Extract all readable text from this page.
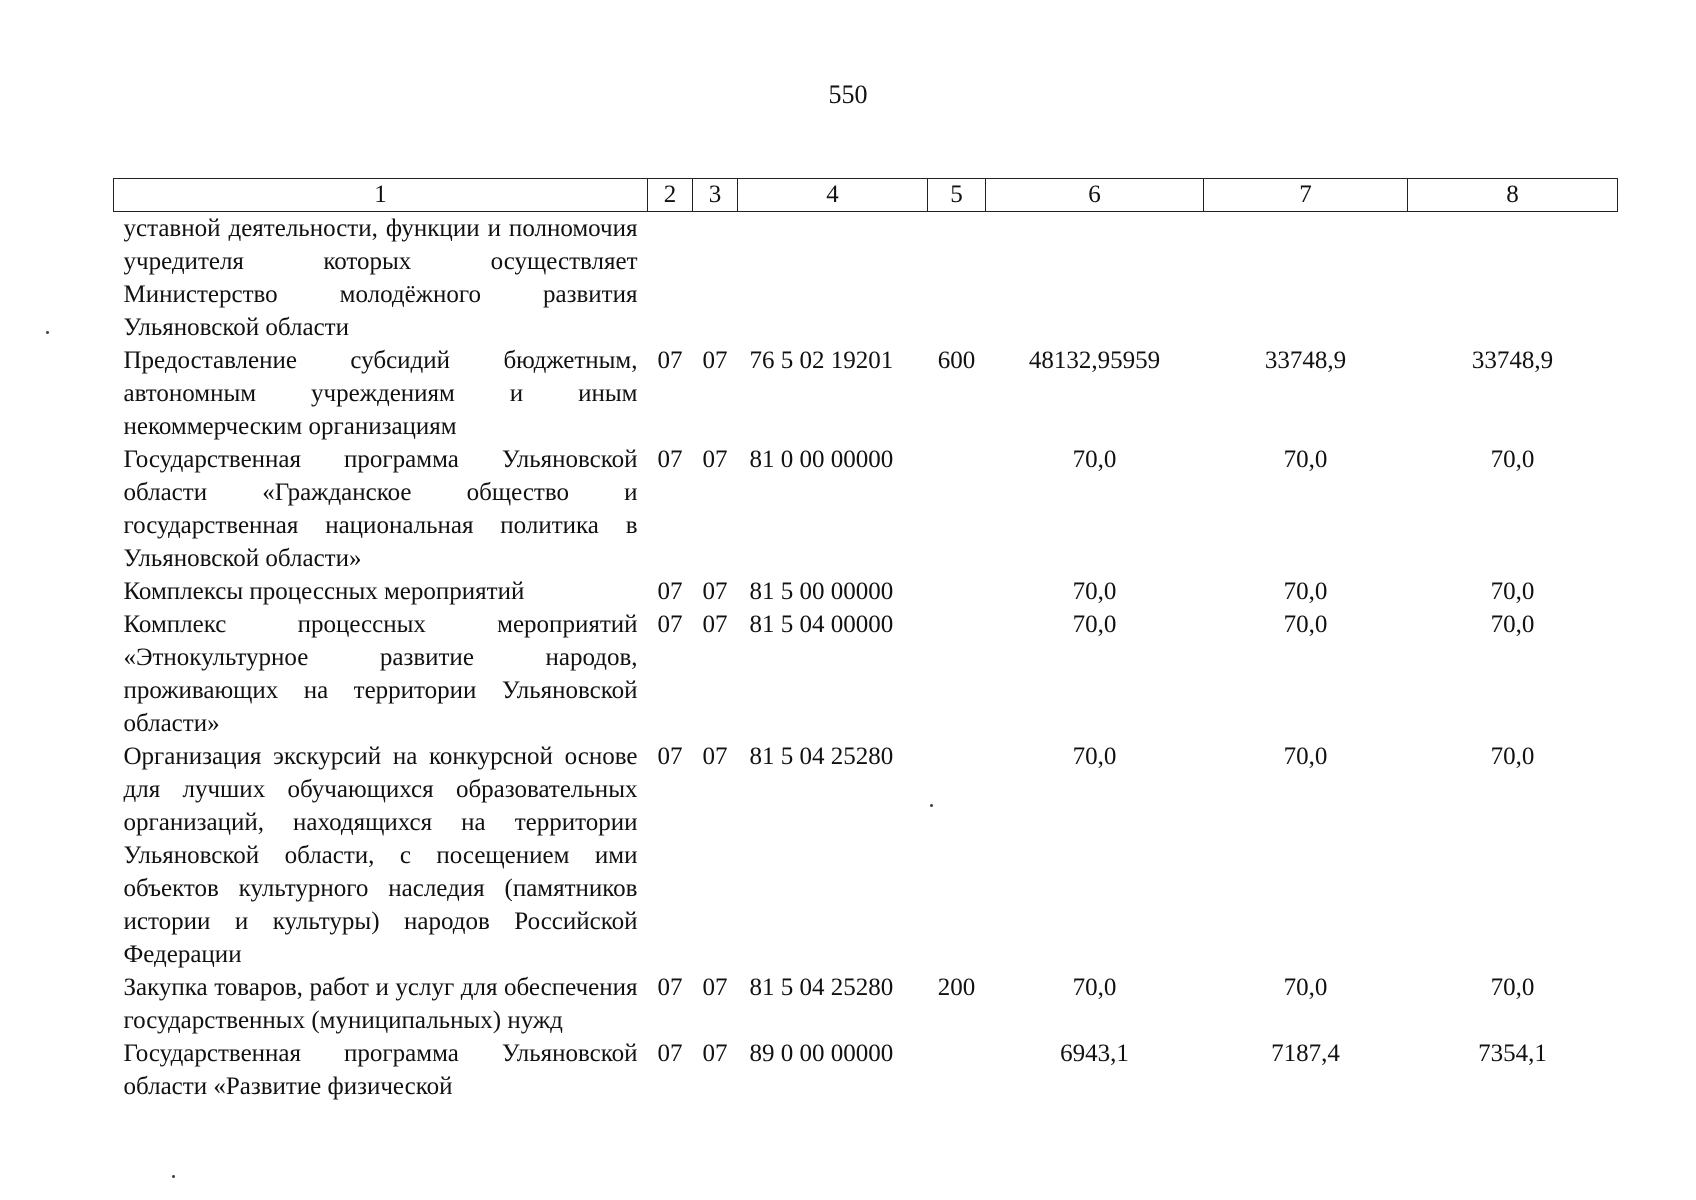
550
1	2	3	4	5	6	7	8
уставной деятельности, функции и полномочия учредителя которых осуществляет Министерство молодёжного развития Ульяновской области							
Предоставление субсидий бюджетным, автономным учреждениям и иным некоммерческим организациям	07	07	76 5 02 19201	600	48132,95959	33748,9	33748,9
Государственная программа Ульяновской области «Гражданское общество и государственная национальная политика в Ульяновской области»	07	07	81 0 00 00000		70,0	70,0	70,0
Комплексы процессных мероприятий	07	07	81 5 00 00000		70,0	70,0	70,0
Комплекс процессных мероприятий «Этнокультурное развитие народов, проживающих на территории Ульяновской области»	07	07	81 5 04 00000		70,0	70,0	70,0
Организация экскурсий на конкурсной основе для лучших обучающихся образовательных организаций, находящихся на территории Ульяновской области, с посещением ими объектов культурного наследия (памятников истории и культуры) народов Российской Федерации	07	07	81 5 04 25280		70,0	70,0	70,0
Закупка товаров, работ и услуг для обеспечения государственных (муниципальных) нужд	07	07	81 5 04 25280	200	70,0	70,0	70,0
Государственная программа Ульяновской области «Развитие физической	07	07	89 0 00 00000		6943,1	7187,4	7354,1
